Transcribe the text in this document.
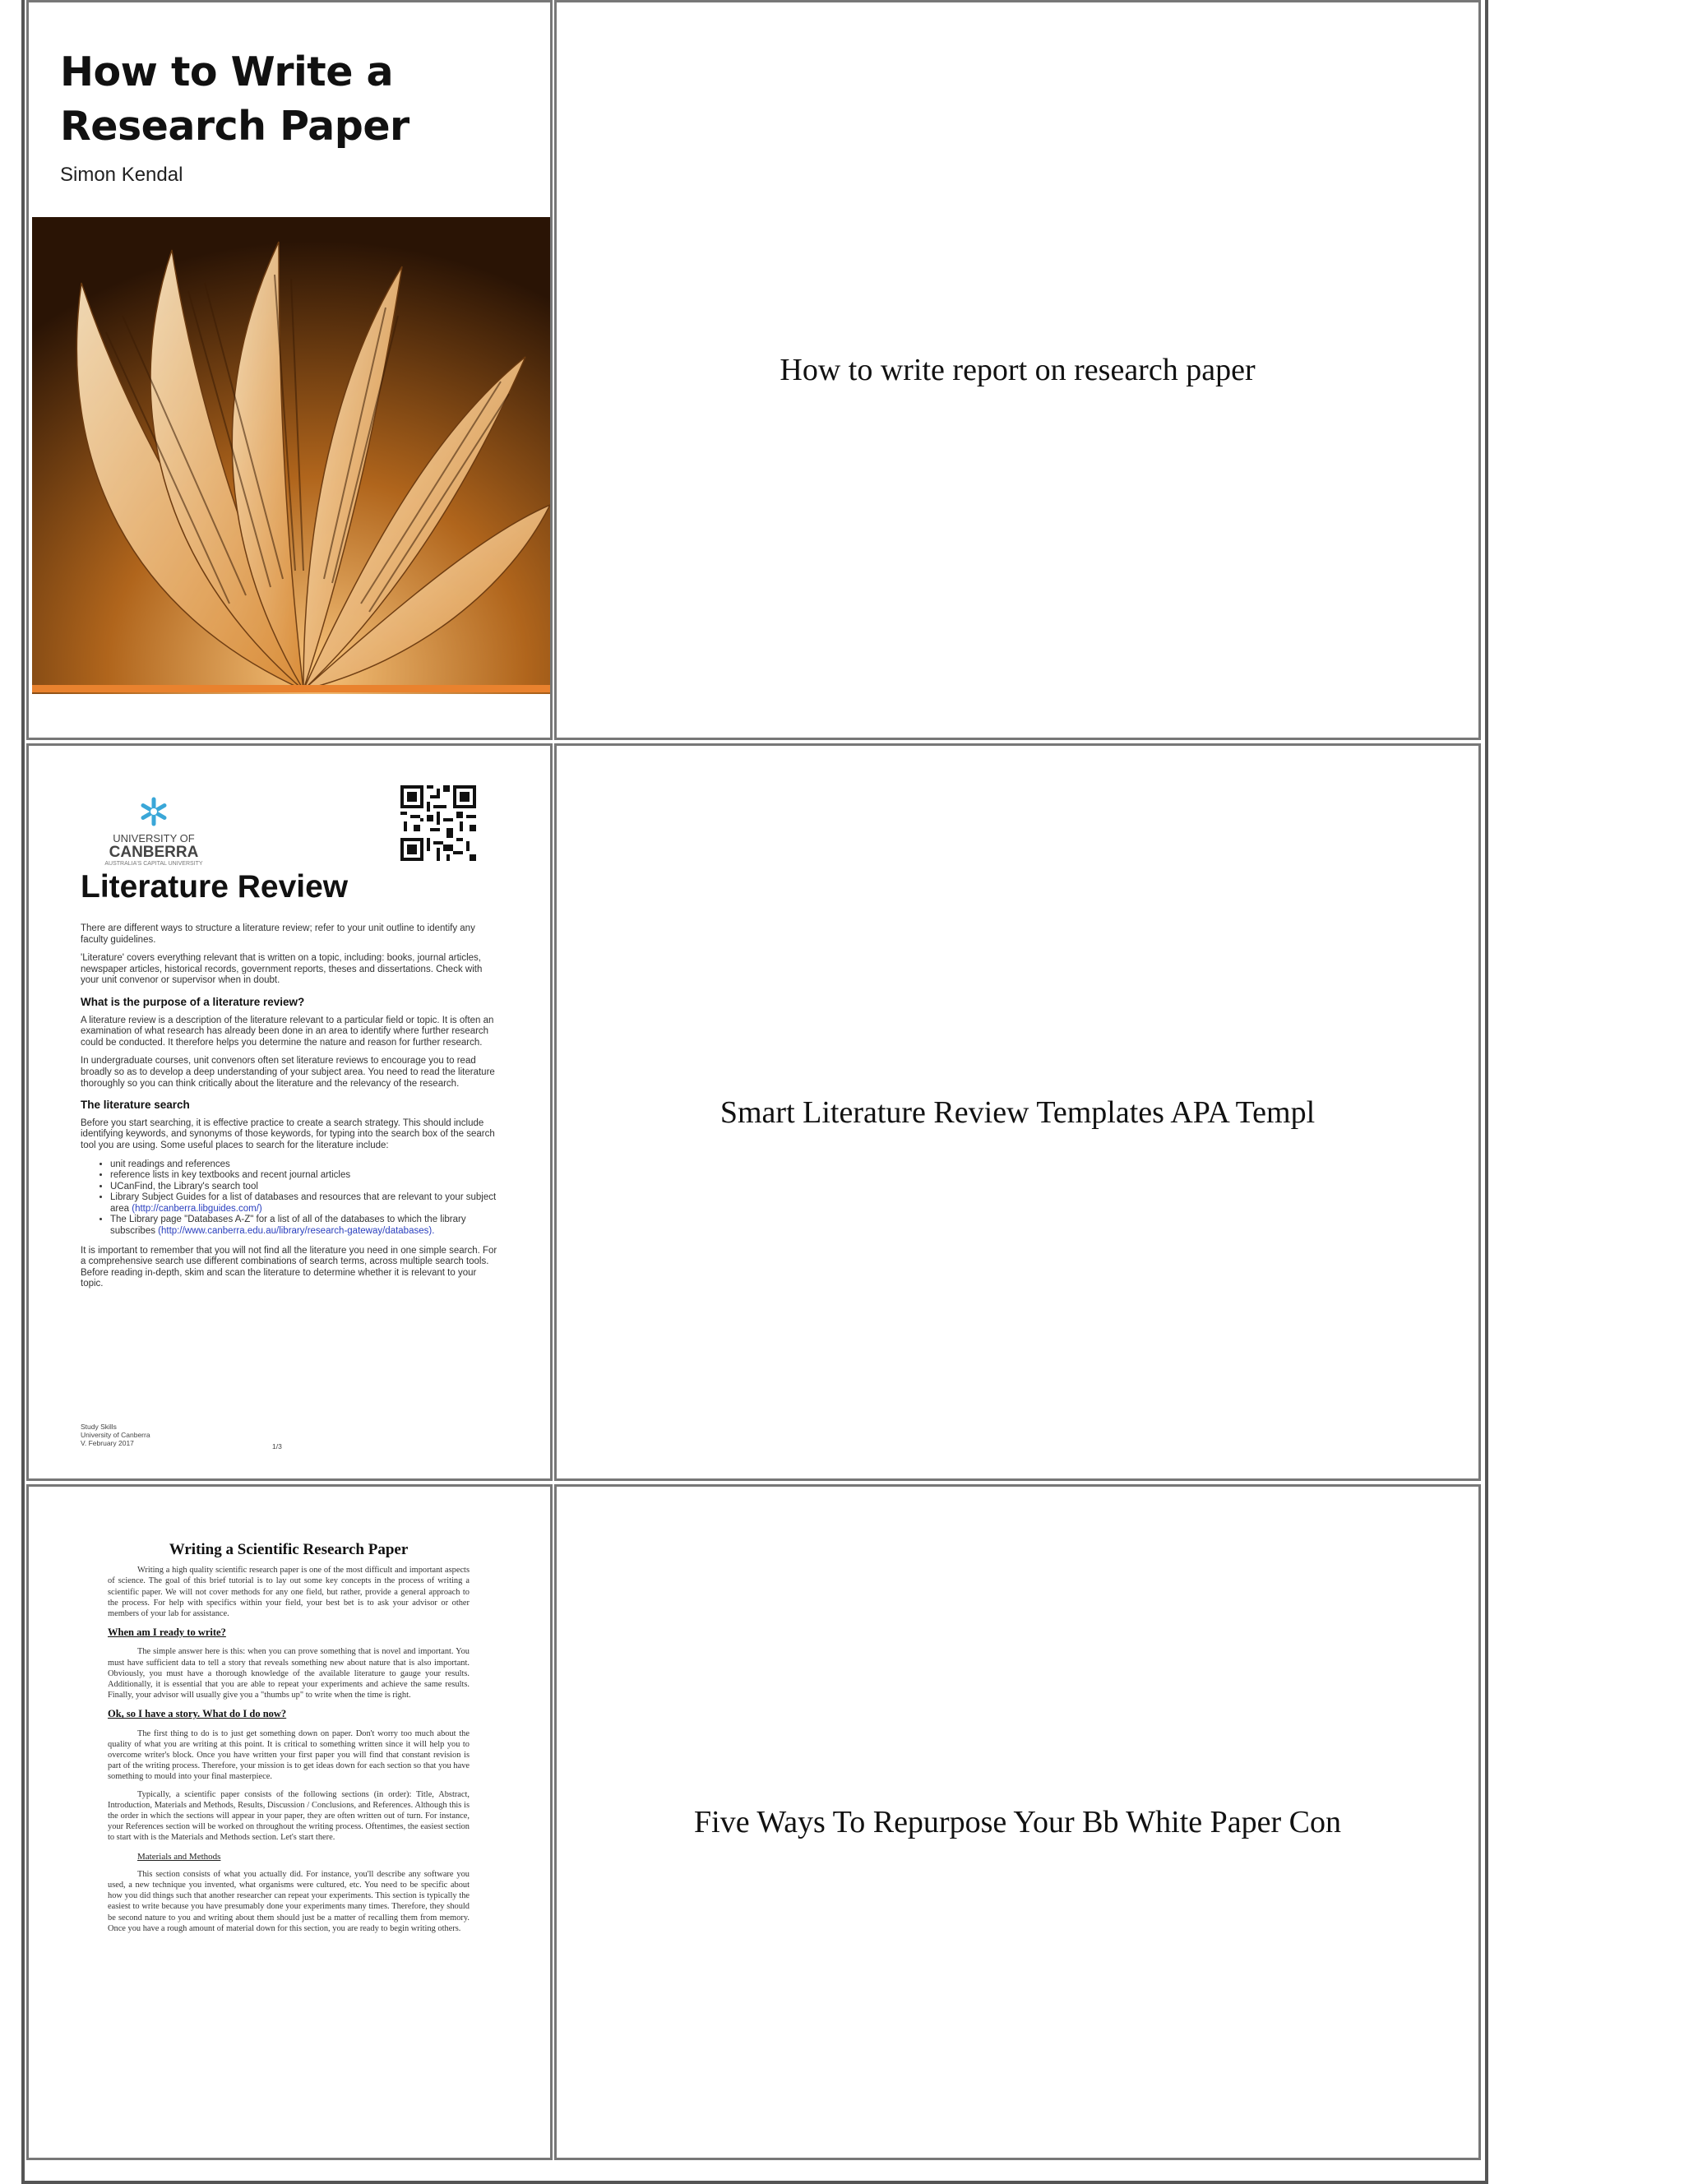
How to Write a
Research Paper
Simon Kendal
How to write report on research paper
UNIVERSITY OF
CANBERRA
AUSTRALIA'S CAPITAL UNIVERSITY
Literature Review

There are different ways to structure a literature review; refer to your unit outline to identify any faculty guidelines.

'Literature' covers everything relevant that is written on a topic, including: books, journal articles, newspaper articles, historical records, government reports, theses and dissertations. Check with your unit convenor or supervisor when in doubt.

What is the purpose of a literature review?

A literature review is a description of the literature relevant to a particular field or topic. It is often an examination of what research has already been done in an area to identify where further research could be conducted. It therefore helps you determine the nature and reason for further research.

In undergraduate courses, unit convenors often set literature reviews to encourage you to read broadly so as to develop a deep understanding of your subject area. You need to read the literature thoroughly so you can think critically about the literature and the relevancy of the research.

The literature search

Before you start searching, it is effective practice to create a search strategy. This should include identifying keywords, and synonyms of those keywords, for typing into the search box of the search tool you are using. Some useful places to search for the literature include:

• unit readings and references
• reference lists in key textbooks and recent journal articles
• UCanFind, the Library's search tool
• Library Subject Guides for a list of databases and resources that are relevant to your subject area (http://canberra.libguides.com/)
• The Library page "Databases A-Z" for a list of all of the databases to which the library subscribes (http://www.canberra.edu.au/library/research-gateway/databases).

It is important to remember that you will not find all the literature you need in one simple search. For a comprehensive search use different combinations of search terms, across multiple search tools. Before reading in-depth, skim and scan the literature to determine whether it is relevant to your topic.

Study Skills
University of Canberra
V. February 2017	1/3
Smart Literature Review Templates APA Templ
Writing a Scientific Research Paper

Writing a high quality scientific research paper is one of the most difficult and important aspects of science. The goal of this brief tutorial is to lay out some key concepts in the process of writing a scientific paper. We will not cover methods for any one field, but rather, provide a general approach to the process. For help with specifics within your field, your best bet is to ask your advisor or other members of your lab for assistance.

When am I ready to write?

The simple answer here is this: when you can prove something that is novel and important. You must have sufficient data to tell a story that reveals something new about nature that is also important. Obviously, you must have a thorough knowledge of the available literature to gauge your results. Additionally, it is essential that you are able to repeat your experiments and achieve the same results. Finally, your advisor will usually give you a "thumbs up" to write when the time is right.

Ok, so I have a story. What do I do now?

The first thing to do is to just get something down on paper. Don't worry too much about the quality of what you are writing at this point. It is critical to something written since it will help you to overcome writer's block. Once you have written your first paper you will find that constant revision is part of the writing process. Therefore, your mission is to get ideas down for each section so that you have something to mould into your final masterpiece.

Typically, a scientific paper consists of the following sections (in order): Title, Abstract, Introduction, Materials and Methods, Results, Discussion / Conclusions, and References. Although this is the order in which the sections will appear in your paper, they are often written out of turn. For instance, your References section will be worked on throughout the writing process. Oftentimes, the easiest section to start with is the Materials and Methods section. Let's start there.

Materials and Methods

This section consists of what you actually did. For instance, you'll describe any software you used, a new technique you invented, what organisms were cultured, etc. You need to be specific about how you did things such that another researcher can repeat your experiments. This section is typically the easiest to write because you have presumably done your experiments many times. Therefore, they should be second nature to you and writing about them should just be a matter of recalling them from memory. Once you have a rough amount of material down for this section, you are ready to begin writing others.

Five Ways To Repurpose Your Bb White Paper Con
